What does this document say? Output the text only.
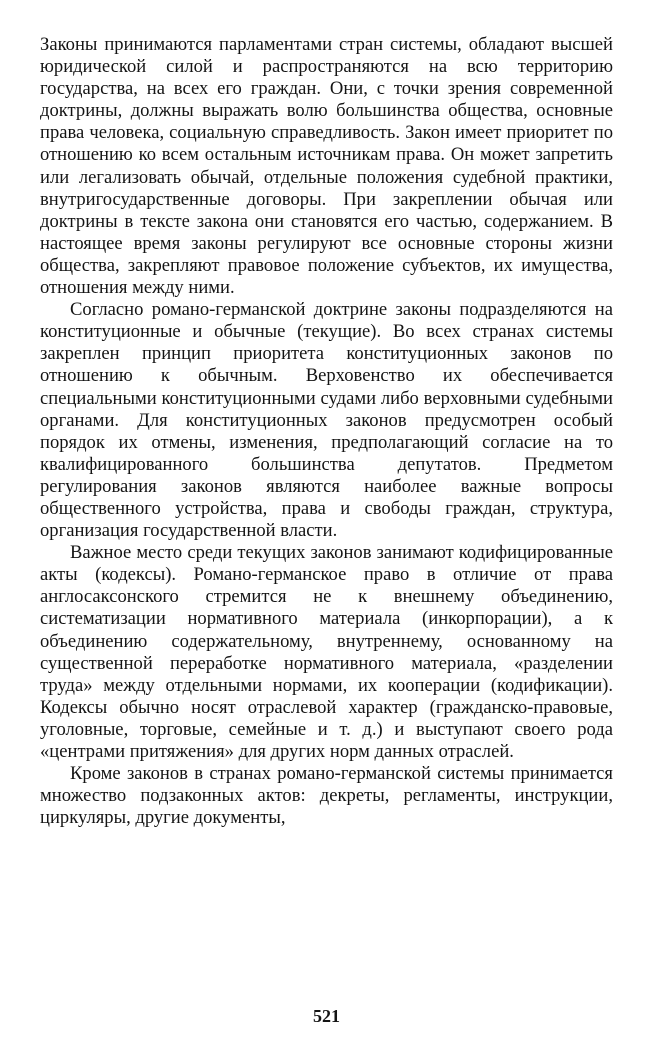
Законы принимаются парламентами стран системы, обладают высшей юридической силой и распространяются на всю территорию государства, на всех его граждан. Они, с точки зрения современной доктрины, должны выражать волю большинства общества, основные права человека, социальную справедливость. Закон имеет приоритет по отношению ко всем остальным источникам права. Он может запретить или легализовать обычай, отдельные положения судебной практики, внутригосударственные договоры. При закреплении обычая или доктрины в тексте закона они становятся его частью, содержанием. В настоящее время законы регулируют все основные стороны жизни общества, закрепляют правовое положение субъектов, их имущества, отношения между ними.

Согласно романо-германской доктрине законы подразделяются на конституционные и обычные (текущие). Во всех странах системы закреплен принцип приоритета конституционных законов по отношению к обычным. Верховенство их обеспечивается специальными конституционными судами либо верховными судебными органами. Для конституционных законов предусмотрен особый порядок их отмены, изменения, предполагающий согласие на то квалифицированного большинства депутатов. Предметом регулирования законов являются наиболее важные вопросы общественного устройства, права и свободы граждан, структура, организация государственной власти.

Важное место среди текущих законов занимают кодифицированные акты (кодексы). Романо-германское право в отличие от права англосаксонского стремится не к внешнему объединению, систематизации нормативного материала (инкорпорации), а к объединению содержательному, внутреннему, основанному на существенной переработке нормативного материала, «разделении труда» между отдельными нормами, их кооперации (кодификации). Кодексы обычно носят отраслевой характер (гражданско-правовые, уголовные, торговые, семейные и т. д.) и выступают своего рода «центрами притяжения» для других норм данных отраслей.

Кроме законов в странах романо-германской системы принимается множество подзаконных актов: декреты, регламенты, инструкции, циркуляры, другие документы,

521
